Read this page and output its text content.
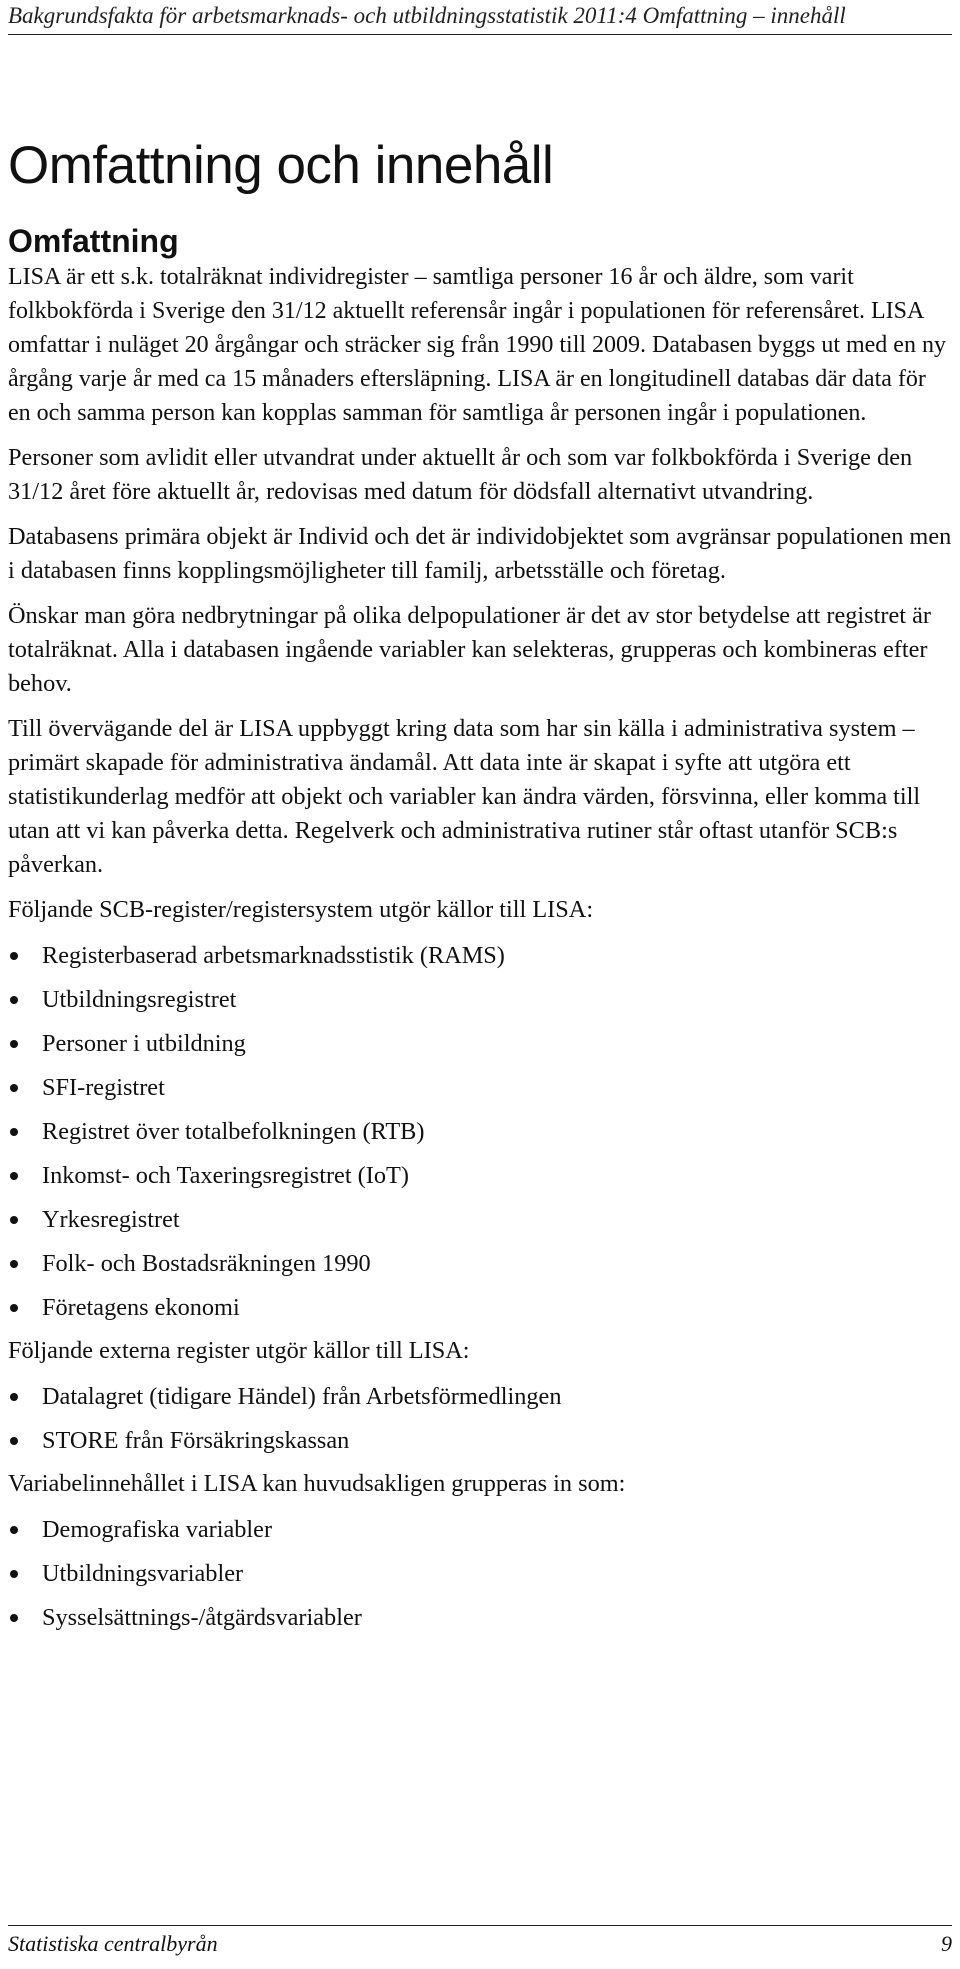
Bakgrundsfakta för arbetsmarknads- och utbildningsstatistik 2011:4 Omfattning – innehåll
Omfattning och innehåll
Omfattning

LISA är ett s.k. totalräknat individregister – samtliga personer 16 år och äldre, som varit folkbokförda i Sverige den 31/12 aktuellt referensår ingår i populationen för referensåret. LISA omfattar i nuläget 20 årgångar och sträcker sig från 1990 till 2009. Databasen byggs ut med en ny årgång varje år med ca 15 månaders eftersläpning. LISA är en longitudinell databas där data för en och samma person kan kopplas samman för samtliga år personen ingår i populationen.

Personer som avlidit eller utvandrat under aktuellt år och som var folkbokförda i Sverige den 31/12 året före aktuellt år, redovisas med datum för dödsfall alternativt utvandring.

Databasens primära objekt är Individ och det är individobjektet som avgränsar populationen men i databasen finns kopplingsmöjligheter till familj, arbetsställe och företag.

Önskar man göra nedbrytningar på olika delpopulationer är det av stor betydelse att registret är totalräknat. Alla i databasen ingående variabler kan selekteras, grupperas och kombineras efter behov.

Till övervägande del är LISA uppbyggt kring data som har sin källa i administrativa system – primärt skapade för administrativa ändamål. Att data inte är skapat i syfte att utgöra ett statistikunderlag medför att objekt och variabler kan ändra värden, försvinna, eller komma till utan att vi kan påverka detta. Regelverk och administrativa rutiner står oftast utanför SCB:s påverkan.

Följande SCB-register/registersystem utgör källor till LISA:

Registerbaserad arbetsmarknadsstistik (RAMS)
Utbildningsregistret
Personer i utbildning
SFI-registret
Registret över totalbefolkningen (RTB)
Inkomst- och Taxeringsregistret (IoT)
Yrkesregistret
Folk- och Bostadsräkningen 1990
Företagens ekonomi

Följande externa register utgör källor till LISA:

Datalagret (tidigare Händel) från Arbetsförmedlingen
STORE från Försäkringskassan

Variabelinnehållet i LISA kan huvudsakligen grupperas in som:

Demografiska variabler
Utbildningsvariabler
Sysselsättnings-/åtgärdsvariabler
Statistiska centralbyrån	9
